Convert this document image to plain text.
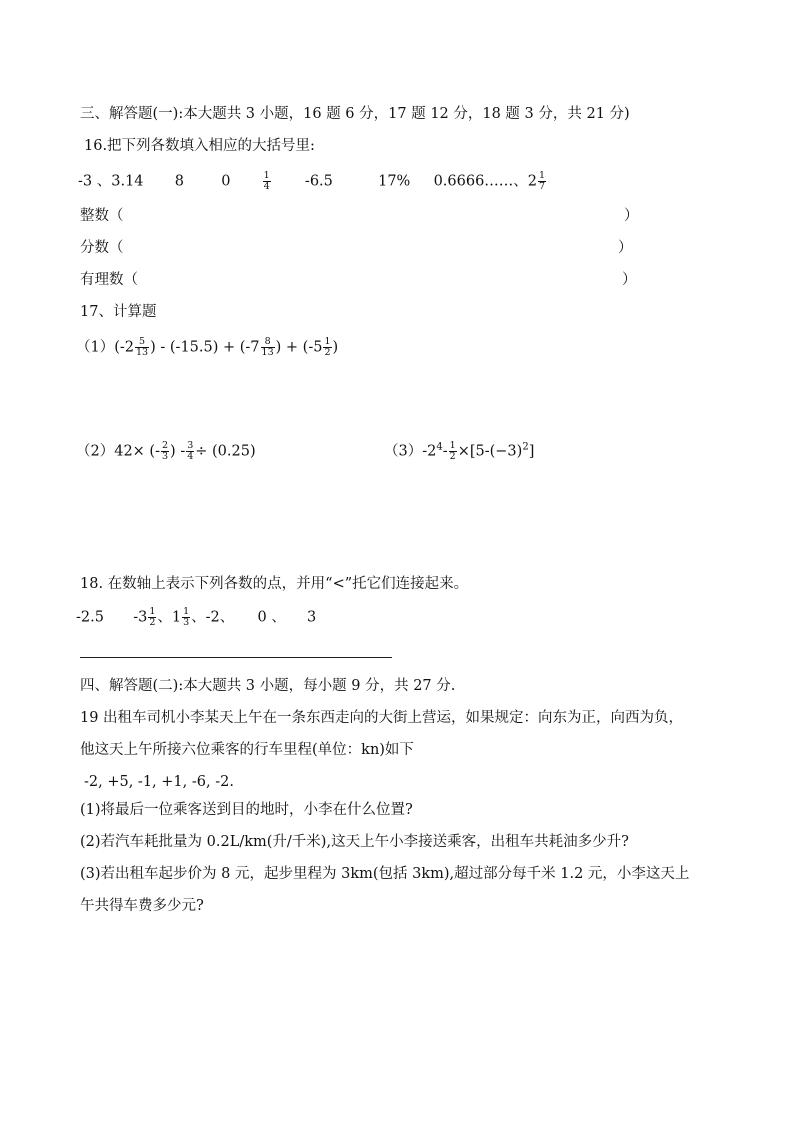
三、解答题(一):本大题共 3 小题，16 题 6 分，17 题 12 分，18 题 3 分，共 21 分)
16.把下列各数填入相应的大括号里:
-3 、3.14 8	0	$\frac{1}{4} -6.5$	17% 0.6666……、$2 \frac{1}{7}$
整数（	）
分数（	）
有理数（	）
17、计算题
$(1)(-2 \frac{5}{13}$ ) - $(-15.5) + (-7 \frac{8}{13}$ ) + ($-5 \frac{1}{2}$ )
（2）42× (- $\frac{2}{3}$ ) - $\frac{3}{4} \div (0.25)$	$(3)-2^4- \frac{1}{2} \times[5-(-3)^2]$
18. 在数轴上表示下列各数的点，并用“<”托它们连接起来。
-2.5 $-3 \frac{1}{2}$ 、$1 \frac{1}{3}$ 、-2、 0 、 3
四、解答题(二):本大题共 3 小题，每小题 9 分，共 27 分.
19 出租车司机小李某天上午在一条东西走向的大街上营运，如果规定：向东为正，向西为负，
他这天上午所接六位乘客的行车里程(单位：kn)如下
-2, +5, -1, +1, -6, -2.
(1)将最后一位乘客送到目的地时，小李在什么位置?
(2)若汽车耗批量为 0.2L/km(升/千米),这天上午小李接送乘客，出租车共耗油多少升?
(3)若出租车起步价为 8 元，起步里程为 3km(包括 3km),超过部分每千米 1.2 元，小李这天上
午共得车费多少元?
